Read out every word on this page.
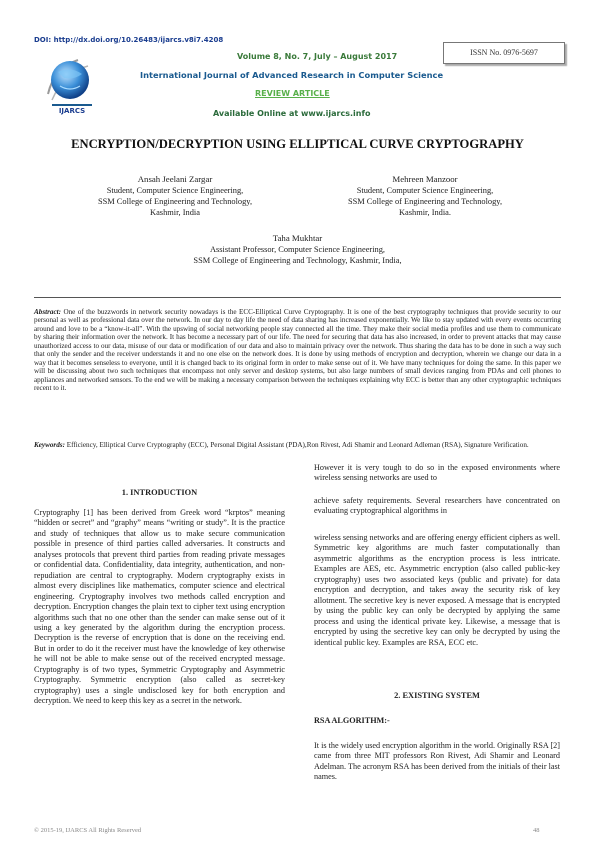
DOI: http://dx.doi.org/10.26483/ijarcs.v8i7.4208
IJARCS
Volume 8, No. 7, July – August 2017	ISSN No. 0976-5697
International Journal of Advanced Research in Computer Science
REVIEW ARTICLE
Available Online at www.ijarcs.info
ENCRYPTION/DECRYPTION USING ELLIPTICAL CURVE CRYPTOGRAPHY
Ansah Jeelani Zargar
Student, Computer Science Engineering,
SSM College of Engineering and Technology,
Kashmir, India
Mehreen Manzoor
Student, Computer Science Engineering,
SSM College of Engineering and Technology,
Kashmir, India.
Taha Mukhtar
Assistant Professor, Computer Science Engineering,
SSM College of Engineering and Technology, Kashmir, India,

Abstract: One of the buzzwords in network security nowadays is the ECC-Elliptical Curve Cryptography. It is one of the best cryptography techniques that provide security to our personal as well as professional data over the network. In our day to day life the need of data sharing has increased exponentially. We like to stay updated with every events occurring around and love to be a “know-it-all”. With the upswing of social networking people stay connected all the time. They make their social media profiles and use them to communicate by sharing their information over the network. It has become a necessary part of our life. The need for securing that data has also increased, in order to prevent attacks that may cause unauthorized access to our data, misuse of our data or modification of our data and also to maintain privacy over the network. Thus sharing the data has to be done in such a way such that only the sender and the receiver understands it and no one else on the network does. It is done by using methods of encryption and decryption, wherein we change our data in a way that it becomes senseless to everyone, until it is changed back to its original form in order to make sense out of it. We have many techniques for doing the same. In this paper we will be discussing about two such techniques that encompass not only server and desktop systems, but also large numbers of small devices ranging from PDAs and cell phones to appliances and networked sensors. To the end we will be making a necessary comparison between the techniques explaining why ECC is better than any other cryptographic techniques recent to it.

Keywords: Efficiency, Elliptical Curve Cryptography (ECC), Personal Digital Assistant (PDA),Ron Rivest, Adi Shamir and Leonard Adleman (RSA), Signature Verification.

1. INTRODUCTION

Cryptography [1] has been derived from Greek word “krptos” meaning “hidden or secret” and “graphy” means “writing or study”. It is the practice and study of techniques that allow us to make secure communication possible in presence of third parties called adversaries. It constructs and analyses protocols that prevent third parties from reading private messages or confidential data. Confidentiality, data integrity, authentication, and non-repudiation are central to cryptography. Modern cryptography exists in almost every disciplines like mathematics, computer science and electrical engineering. Cryptography involves two methods called encryption and decryption. Encryption changes the plain text to cipher text using encryption algorithms such that no one other than the sender can make sense out of it using a key generated by the algorithm during the encryption process. Decryption is the reverse of encryption that is done on the receiving end. But in order to do it the receiver must have the knowledge of key otherwise he will not be able to make sense out of the received encrypted message. Cryptography is of two types, Symmetric Cryptography and Asymmetric Cryptography. Symmetric encryption (also called as secret-key cryptography) uses a single undisclosed key for both encryption and decryption. We need to keep this key as a secret in the network.

However it is very tough to do so in the exposed environments where wireless sensing networks are used to

achieve safety requirements. Several researchers have concentrated on evaluating cryptographical algorithms in

wireless sensing networks and are offering energy efficient ciphers as well. Symmetric key algorithms are much faster computationally than asymmetric algorithms as the encryption process is less intricate. Examples are AES, etc. Asymmetric encryption (also called public-key cryptography) uses two associated keys (public and private) for data encryption and decryption, and takes away the security risk of key allotment. The secretive key is never exposed. A message that is encrypted by using the public key can only be decrypted by applying the same process and using the identical private key. Likewise, a message that is encrypted by using the secretive key can only be decrypted by using the identical public key. Examples are RSA, ECC etc.

2. EXISTING SYSTEM
RSA ALGORITHM:-

It is the widely used encryption algorithm in the world. Originally RSA [2] came from three MIT professors Ron Rivest, Adi Shamir and Leonard Adelman. The acronym RSA has been derived from the initials of their last names.

© 2015-19, IJARCS All Rights Reserved	48
